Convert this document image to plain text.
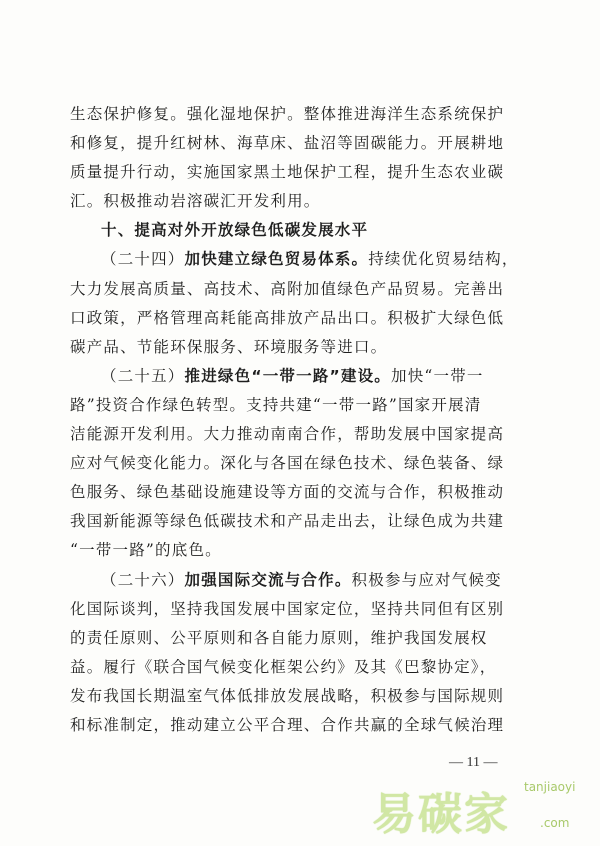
生态保护修复。强化湿地保护。整体推进海洋生态系统保护
和修复，提升红树林、海草床、盐沼等固碳能力。开展耕地
质量提升行动，实施国家黑土地保护工程，提升生态农业碳
汇。积极推动岩溶碳汇开发利用。
十、提高对外开放绿色低碳发展水平
（二十四）加快建立绿色贸易体系。持续优化贸易结构，
大力发展高质量、高技术、高附加值绿色产品贸易。完善出
口政策，严格管理高耗能高排放产品出口。积极扩大绿色低
碳产品、节能环保服务、环境服务等进口。
（二十五）推进绿色“一带一路”建设。加快“一带一
路”投资合作绿色转型。支持共建“一带一路”国家开展清
洁能源开发利用。大力推动南南合作，帮助发展中国家提高
应对气候变化能力。深化与各国在绿色技术、绿色装备、绿
色服务、绿色基础设施建设等方面的交流与合作，积极推动
我国新能源等绿色低碳技术和产品走出去，让绿色成为共建
“一带一路”的底色。
（二十六）加强国际交流与合作。积极参与应对气候变
化国际谈判，坚持我国发展中国家定位，坚持共同但有区别
的责任原则、公平原则和各自能力原则，维护我国发展权
益。履行《联合国气候变化框架公约》及其《巴黎协定》，
发布我国长期温室气体低排放发展战略，积极参与国际规则
和标准制定，推动建立公平合理、合作共赢的全球气候治理
— 11 —
易碳家
tanjiaoyi
.com
